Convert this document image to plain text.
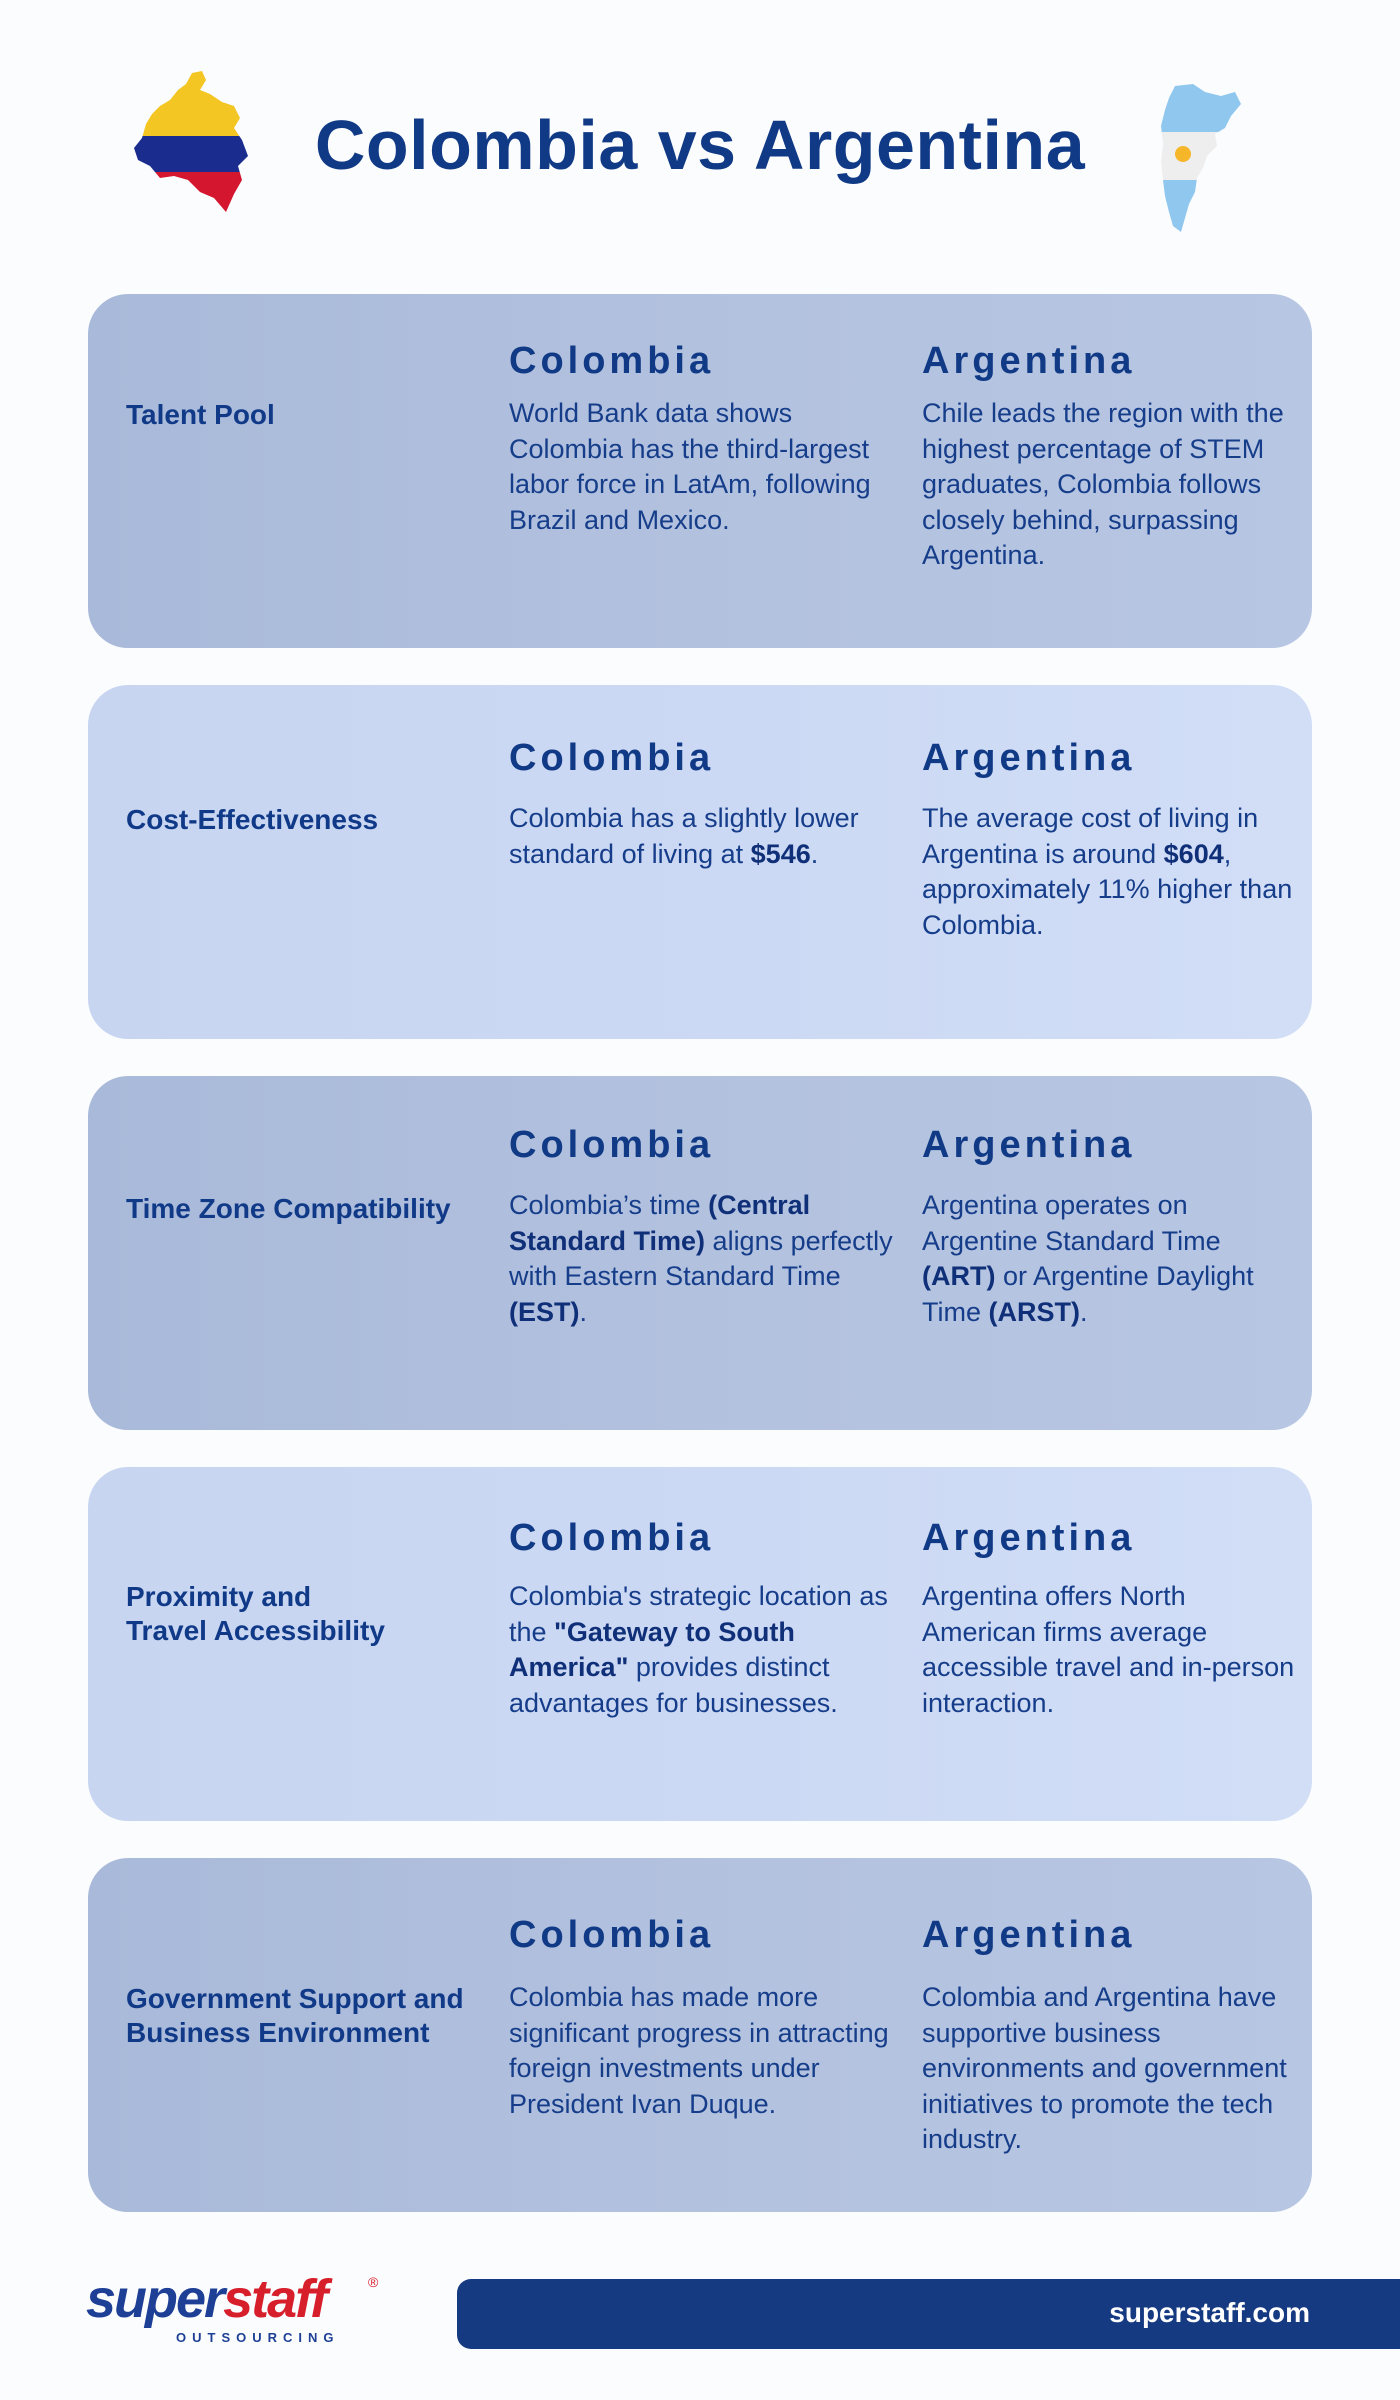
Colombia vs Argentina
Talent Pool
Colombia
World Bank data shows Colombia has the third-largest labor force in LatAm, following Brazil and Mexico.
Argentina
Chile leads the region with the highest percentage of STEM graduates, Colombia follows closely behind, surpassing Argentina.
Cost-Effectiveness
Colombia
Colombia has a slightly lower standard of living at $546.
Argentina
The average cost of living in Argentina is around $604, approximately 11% higher than Colombia.
Time Zone Compatibility
Colombia
Colombia’s time (Central Standard Time) aligns perfectly with Eastern Standard Time (EST).
Argentina
Argentina operates on Argentine Standard Time (ART) or Argentine Daylight Time (ARST).
Proximity and
Travel Accessibility
Colombia
Colombia's strategic location as the "Gateway to South America" provides distinct advantages for businesses.
Argentina
Argentina offers North American firms average accessible travel and in-person interaction.
Government Support and
Business Environment
Colombia
Colombia has made more significant progress in attracting foreign investments under President Ivan Duque.
Argentina
Colombia and Argentina have supportive business environments and government initiatives to promote the tech industry.
superstaff	®
OUTSOURCING
superstaff.com
